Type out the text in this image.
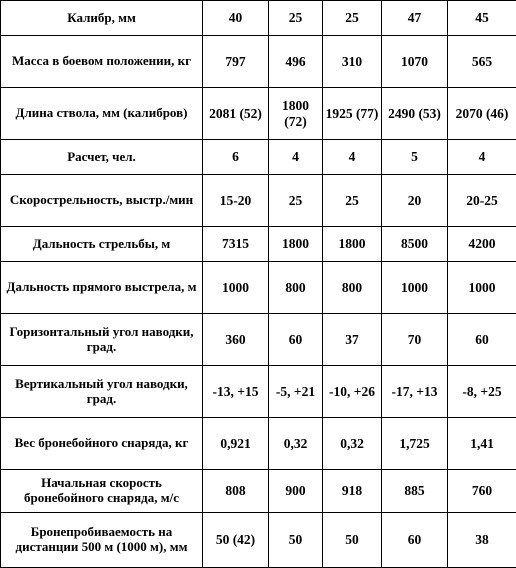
Калибр, мм	40	25	25	47	45
Масса в боевом положении, кг	797	496	310	1070	565
Длина ствола, мм (калибров)	2081 (52)	1800 (72)	1925 (77)	2490 (53)	2070 (46)
Расчет, чел.	6	4	4	5	4
Скорострельность, выстр./мин	15-20	25	25	20	20-25
Дальность стрельбы, м	7315	1800	1800	8500	4200
Дальность прямого выстрела, м	1000	800	800	1000	1000
Горизонтальный угол наводки, град.	360	60	37	70	60
Вертикальный угол наводки, град.	-13, +15	-5, +21	-10, +26	-17, +13	-8, +25
Вес бронебойного снаряда, кг	0,921	0,32	0,32	1,725	1,41
Начальная скорость бронебойного снаряда, м/с	808	900	918	885	760
Бронепробиваемость на дистанции 500 м (1000 м), мм	50 (42)	50	50	60	38
